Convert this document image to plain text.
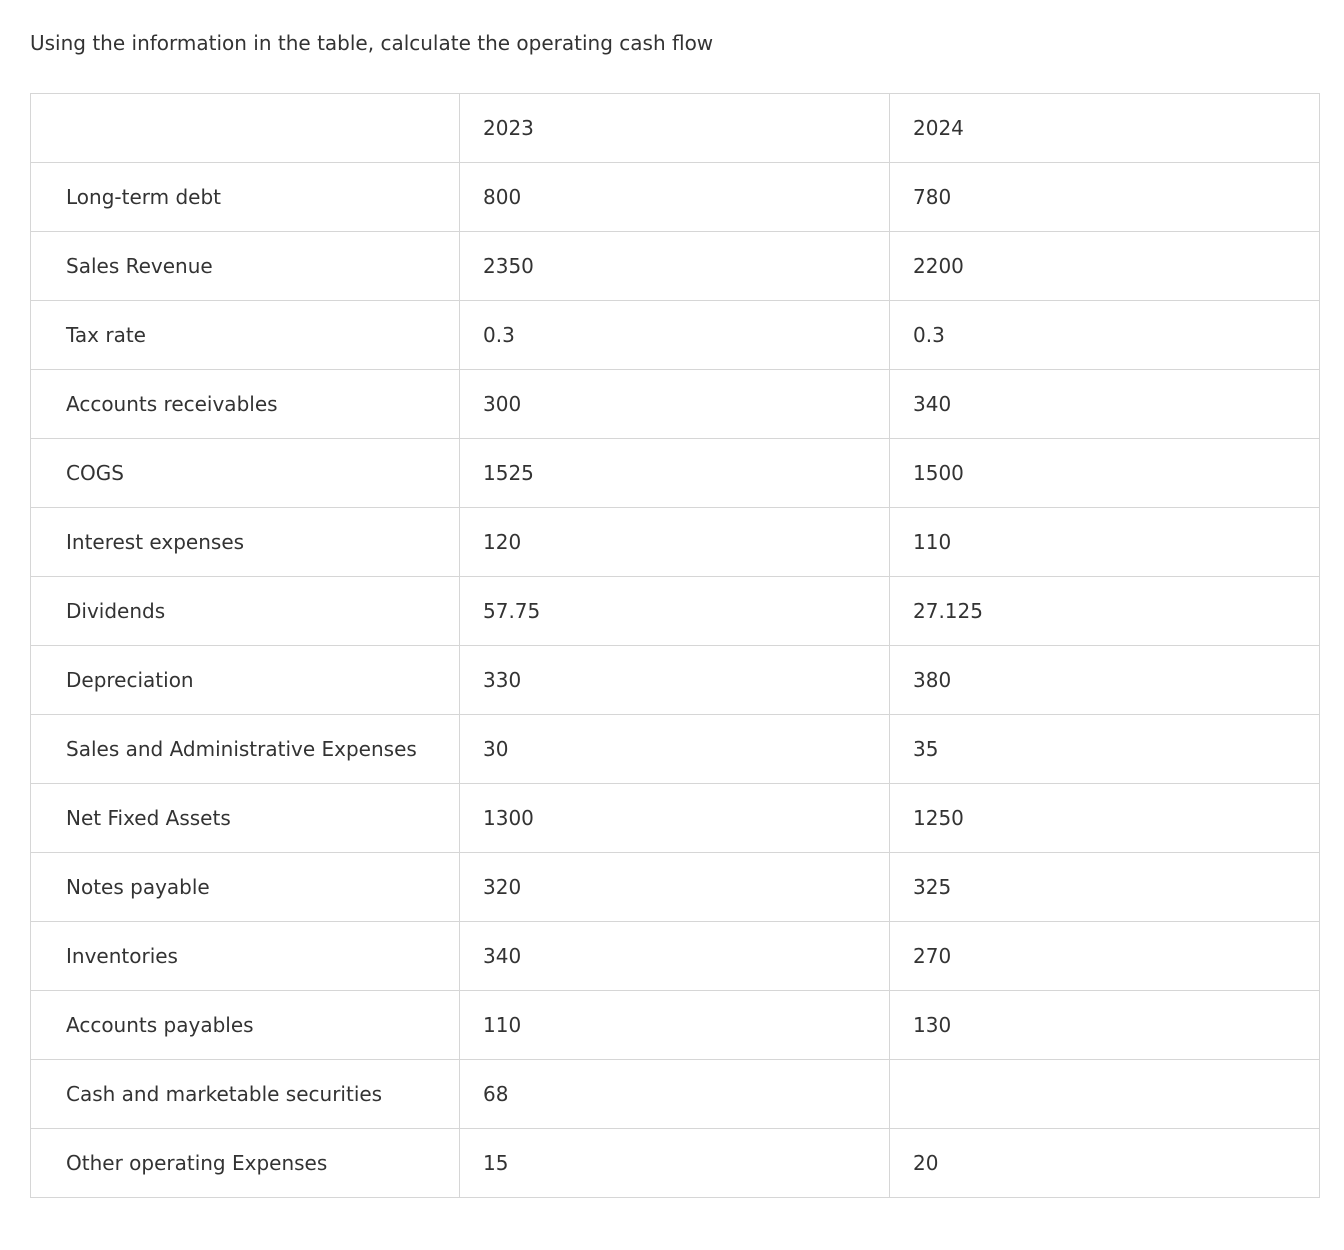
Using the information in the table, calculate the operating cash flow

	2023	2024
Long-term debt	800	780
Sales Revenue	2350	2200
Tax rate	0.3	0.3
Accounts receivables	300	340
COGS	1525	1500
Interest expenses	120	110
Dividends	57.75	27.125
Depreciation	330	380
Sales and Administrative Expenses	30	35
Net Fixed Assets	1300	1250
Notes payable	320	325
Inventories	340	270
Accounts payables	110	130
Cash and marketable securities	68	
Other operating Expenses	15	20
